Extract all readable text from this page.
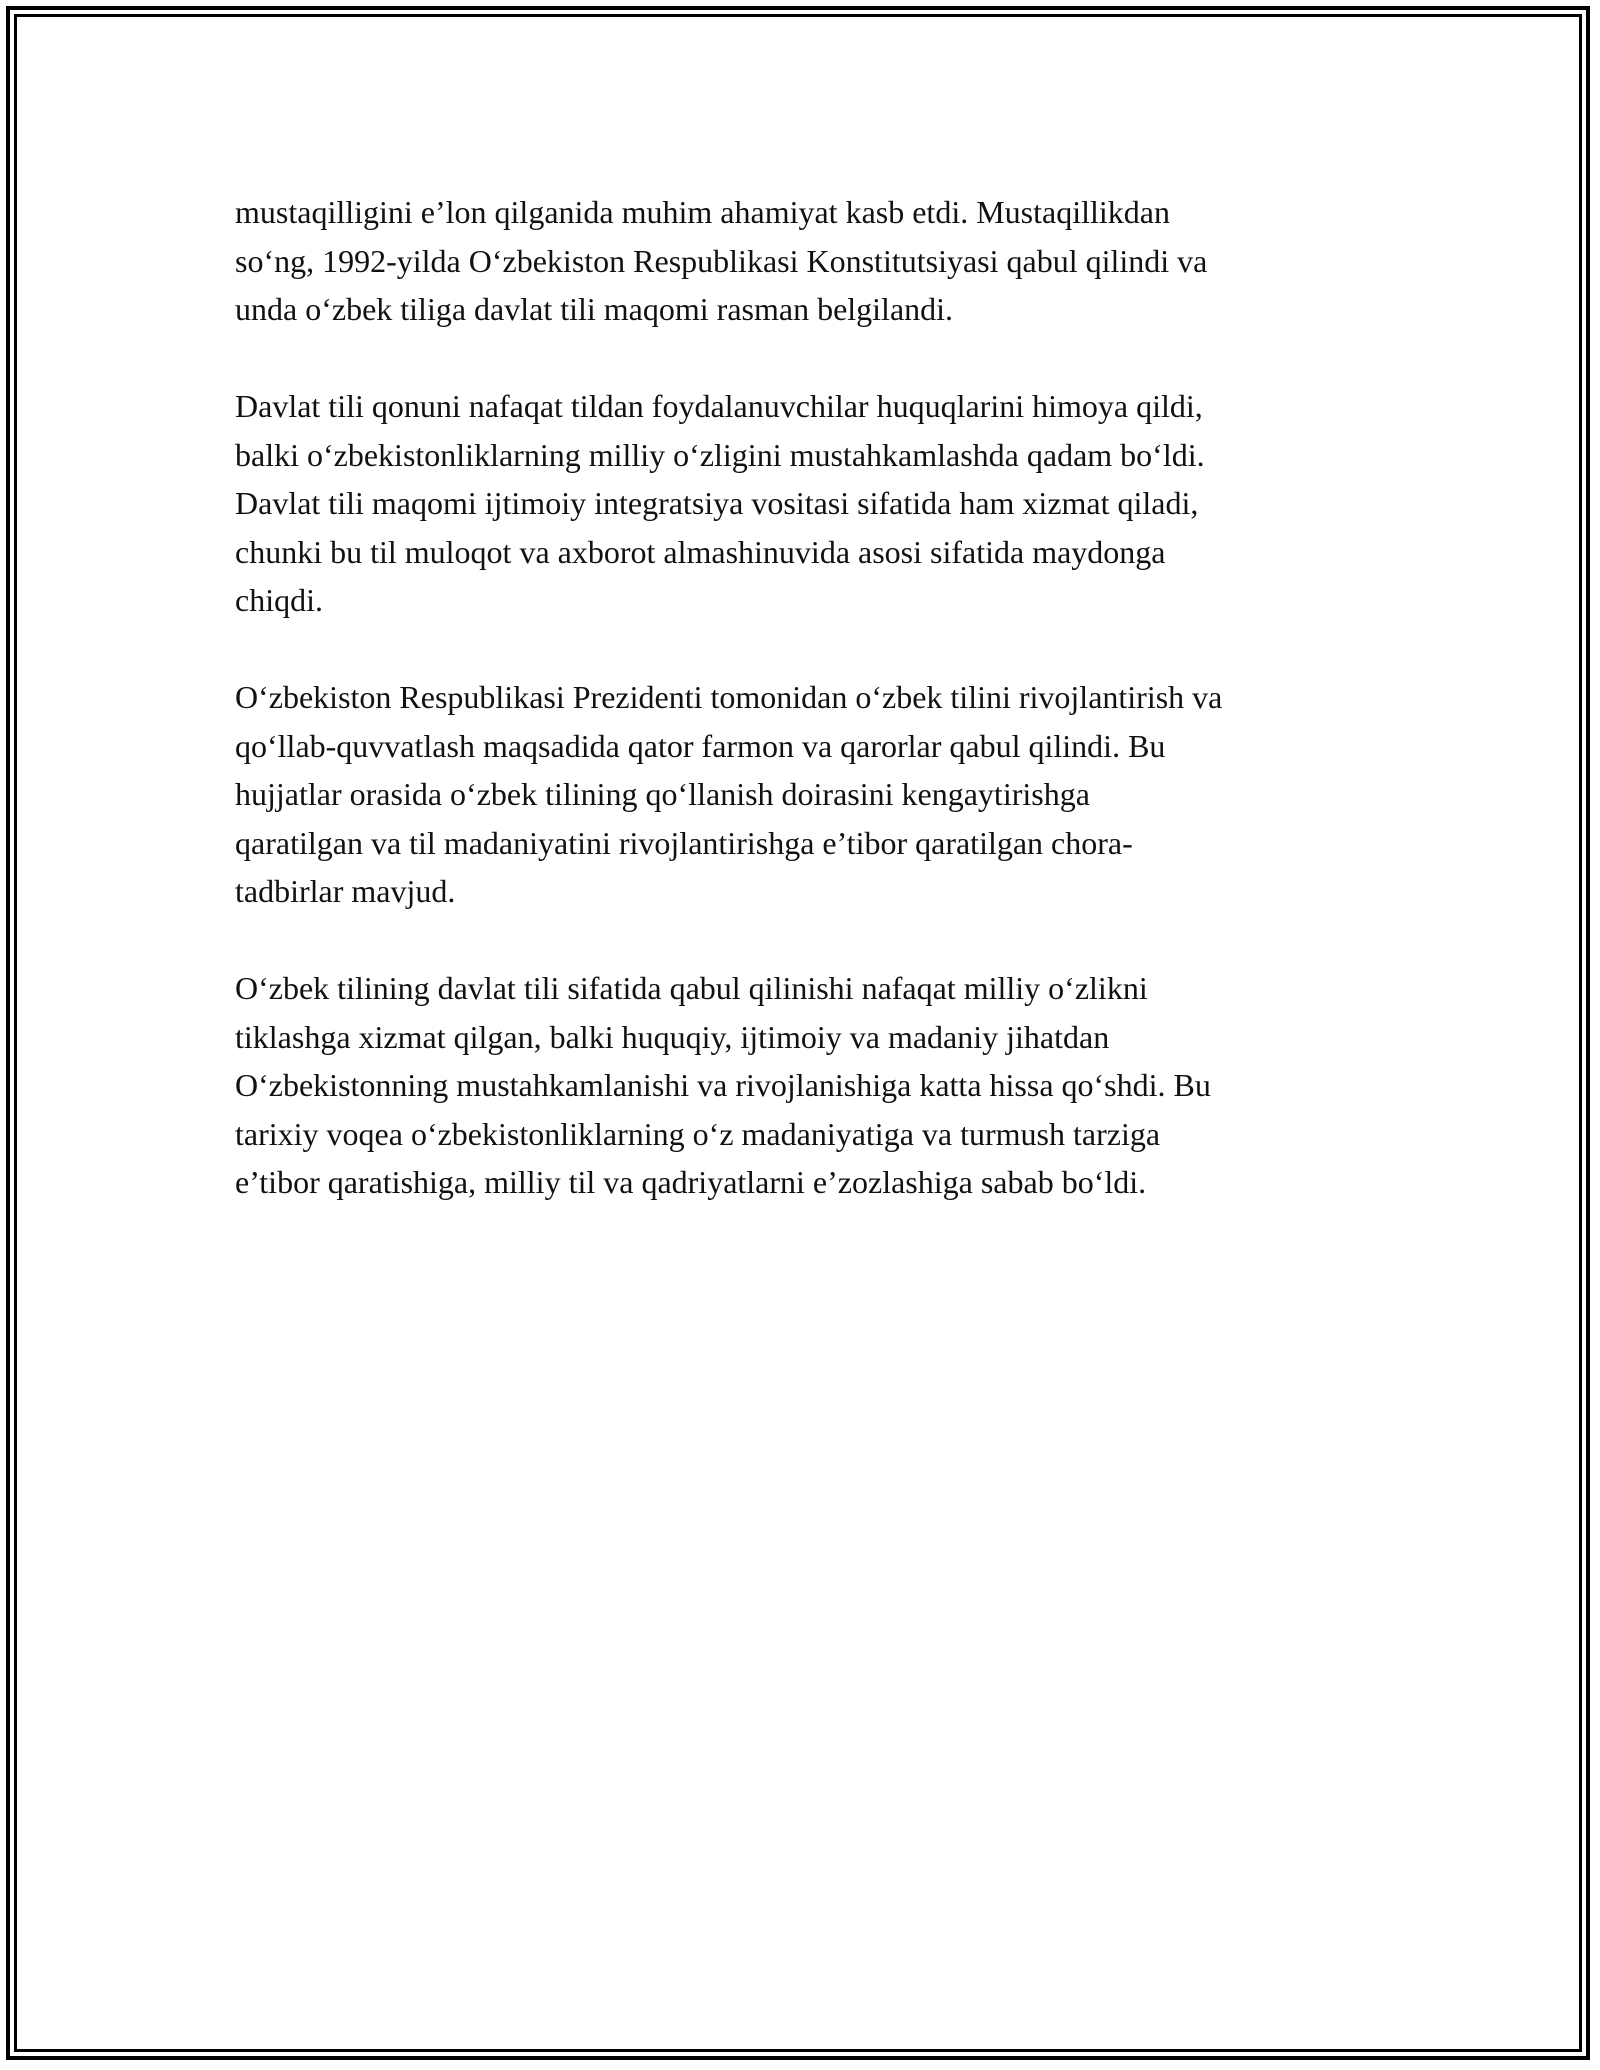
mustaqilligini e’lon qilganida muhim ahamiyat kasb etdi. Mustaqillikdan
so‘ng, 1992-yilda O‘zbekiston Respublikasi Konstitutsiyasi qabul qilindi va
unda o‘zbek tiliga davlat tili maqomi rasman belgilandi.

Davlat tili qonuni nafaqat tildan foydalanuvchilar huquqlarini himoya qildi,
balki o‘zbekistonliklarning milliy o‘zligini mustahkamlashda qadam bo‘ldi.
Davlat tili maqomi ijtimoiy integratsiya vositasi sifatida ham xizmat qiladi,
chunki bu til muloqot va axborot almashinuvida asosi sifatida maydonga
chiqdi.

O‘zbekiston Respublikasi Prezidenti tomonidan o‘zbek tilini rivojlantirish va
qo‘llab-quvvatlash maqsadida qator farmon va qarorlar qabul qilindi. Bu
hujjatlar orasida o‘zbek tilining qo‘llanish doirasini kengaytirishga
qaratilgan va til madaniyatini rivojlantirishga e’tibor qaratilgan chora-
tadbirlar mavjud.

O‘zbek tilining davlat tili sifatida qabul qilinishi nafaqat milliy o‘zlikni
tiklashga xizmat qilgan, balki huquqiy, ijtimoiy va madaniy jihatdan
O‘zbekistonning mustahkamlanishi va rivojlanishiga katta hissa qo‘shdi. Bu
tarixiy voqea o‘zbekistonliklarning o‘z madaniyatiga va turmush tarziga
e’tibor qaratishiga, milliy til va qadriyatlarni e’zozlashiga sabab bo‘ldi.
